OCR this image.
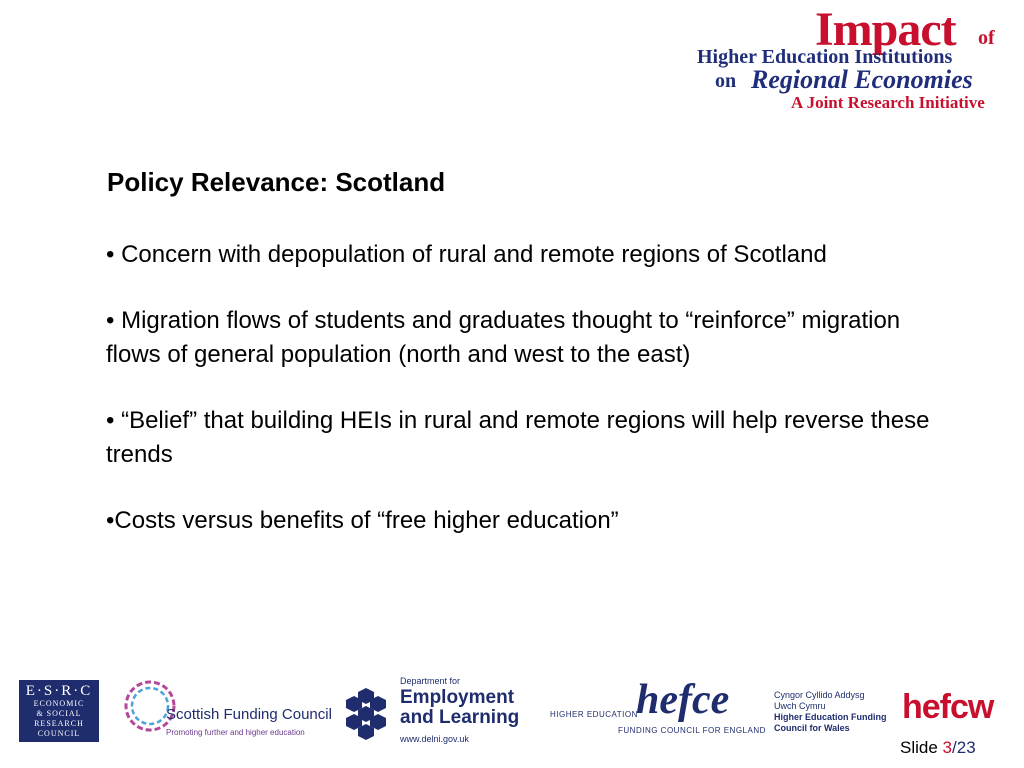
Impact of
Higher Education Institutions
on Regional Economies
A Joint Research Initiative
Policy Relevance: Scotland
• Concern with depopulation of rural and remote regions of Scotland
• Migration flows of students and graduates thought to “reinforce” migration flows of general population (north and west to the east)
• “Belief” that building HEIs in rural and remote regions will help reverse these trends
•Costs versus benefits of “free higher education”
E·S·R·C
ECONOMIC
& SOCIAL
RESEARCH
COUNCIL
Scottish Funding Council
Promoting further and higher education
Department for
Employment
and Learning
www.delni.gov.uk
hefce
HIGHER EDUCATION
FUNDING COUNCIL FOR ENGLAND
Cyngor Cyllido Addysg
Uwch Cymru
Higher Education Funding
Council for Wales
hefcw
Slide 3/23
